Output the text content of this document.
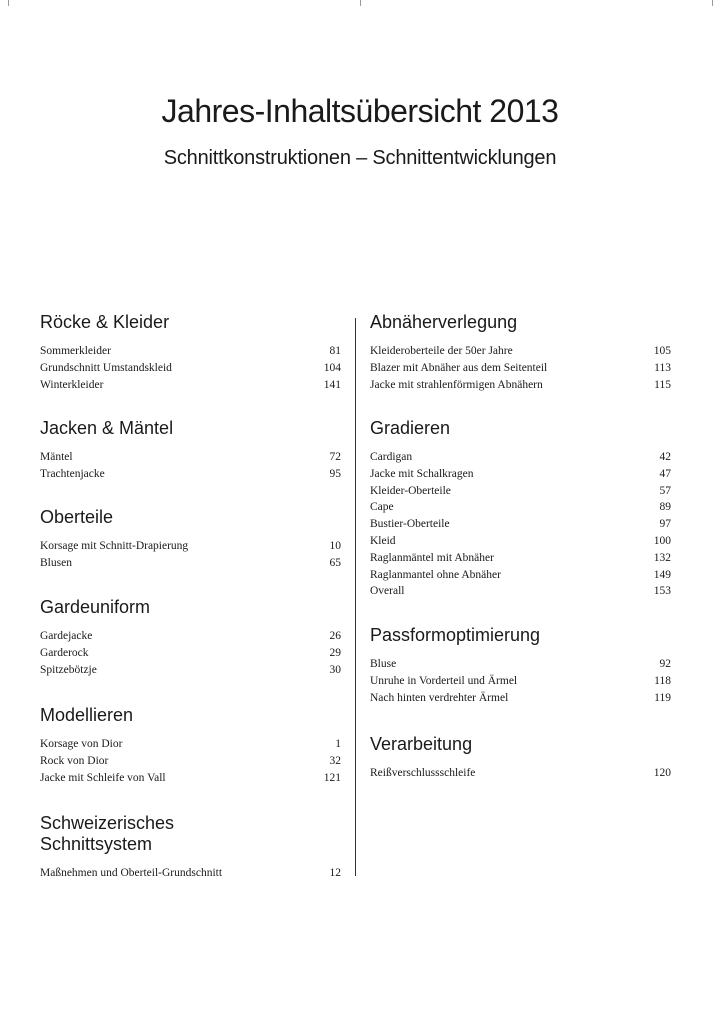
Jahres-Inhaltsübersicht 2013
Schnittkonstruktionen – Schnittentwicklungen
Röcke & Kleider
Sommerkleider	81
Grundschnitt Umstandskleid	104
Winterkleider	141
Jacken & Mäntel
Mäntel	72
Trachtenjacke	95
Oberteile
Korsage mit Schnitt-Drapierung	10
Blusen	65
Gardeuniform
Gardejacke	26
Garderock	29
Spitzebötzje	30
Modellieren
Korsage von Dior	1
Rock von Dior	32
Jacke mit Schleife von Vall	121
Schweizerisches
Schnittsystem
Maßnehmen und Oberteil-Grundschnitt	12
Abnäherverlegung
Kleideroberteile der 50er Jahre	105
Blazer mit Abnäher aus dem Seitenteil	113
Jacke mit strahlenförmigen Abnähern	115
Gradieren
Cardigan	42
Jacke mit Schalkragen	47
Kleider-Oberteile	57
Cape	89
Bustier-Oberteile	97
Kleid	100
Raglanmäntel mit Abnäher	132
Raglanmantel ohne Abnäher	149
Overall	153
Passformoptimierung
Bluse	92
Unruhe in Vorderteil und Ärmel	118
Nach hinten verdrehter Ärmel	119
Verarbeitung
Reißverschlussschleife	120
